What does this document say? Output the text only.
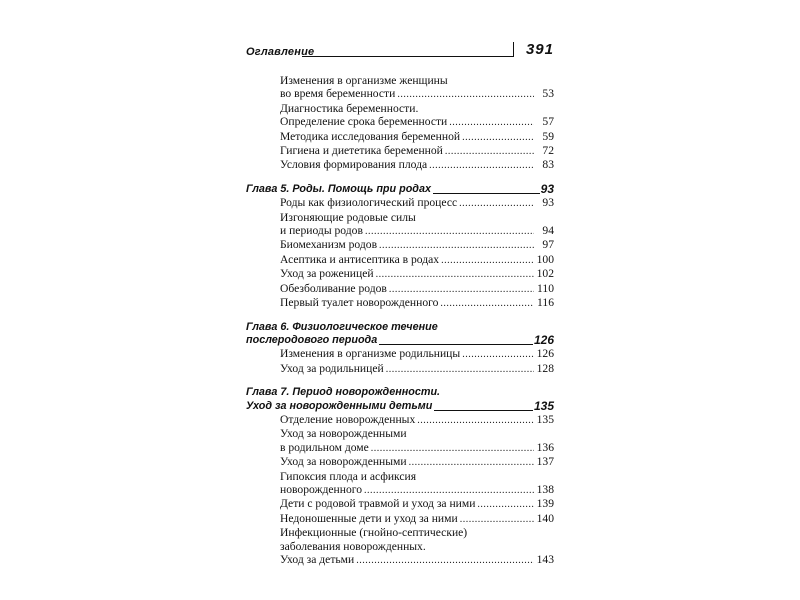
Оглавление	391
Изменения в организме женщины
во время беременности .....	53
Диагностика беременности.
Определение срока беременности .....	57
Методика исследования беременной .....	59
Гигиена и диететика беременной .....	72
Условия формирования плода .....	83
Глава 5. Роды. Помощь при родах	93
Роды как физиологический процесс .....	93
Изгоняющие родовые силы
и периоды родов .....	94
Биомеханизм родов .....	97
Асептика и антисептика в родах .....	100
Уход за роженицей .....	102
Обезболивание родов .....	110
Первый туалет новорожденного .....	116
Глава 6. Физиологическое течение
послеродового периода	126
Изменения в организме родильницы .....	126
Уход за родильницей .....	128
Глава 7. Период новорожденности.
Уход за новорожденными детьми	135
Отделение новорожденных .....	135
Уход за новорожденными
в родильном доме .....	136
Уход за новорожденными .....	137
Гипоксия плода и асфиксия
новорожденного .....	138
Дети с родовой травмой и уход за ними .....	139
Недоношенные дети и уход за ними .....	140
Инфекционные (гнойно-септические)
заболевания новорожденных.
Уход за детьми .....	143
